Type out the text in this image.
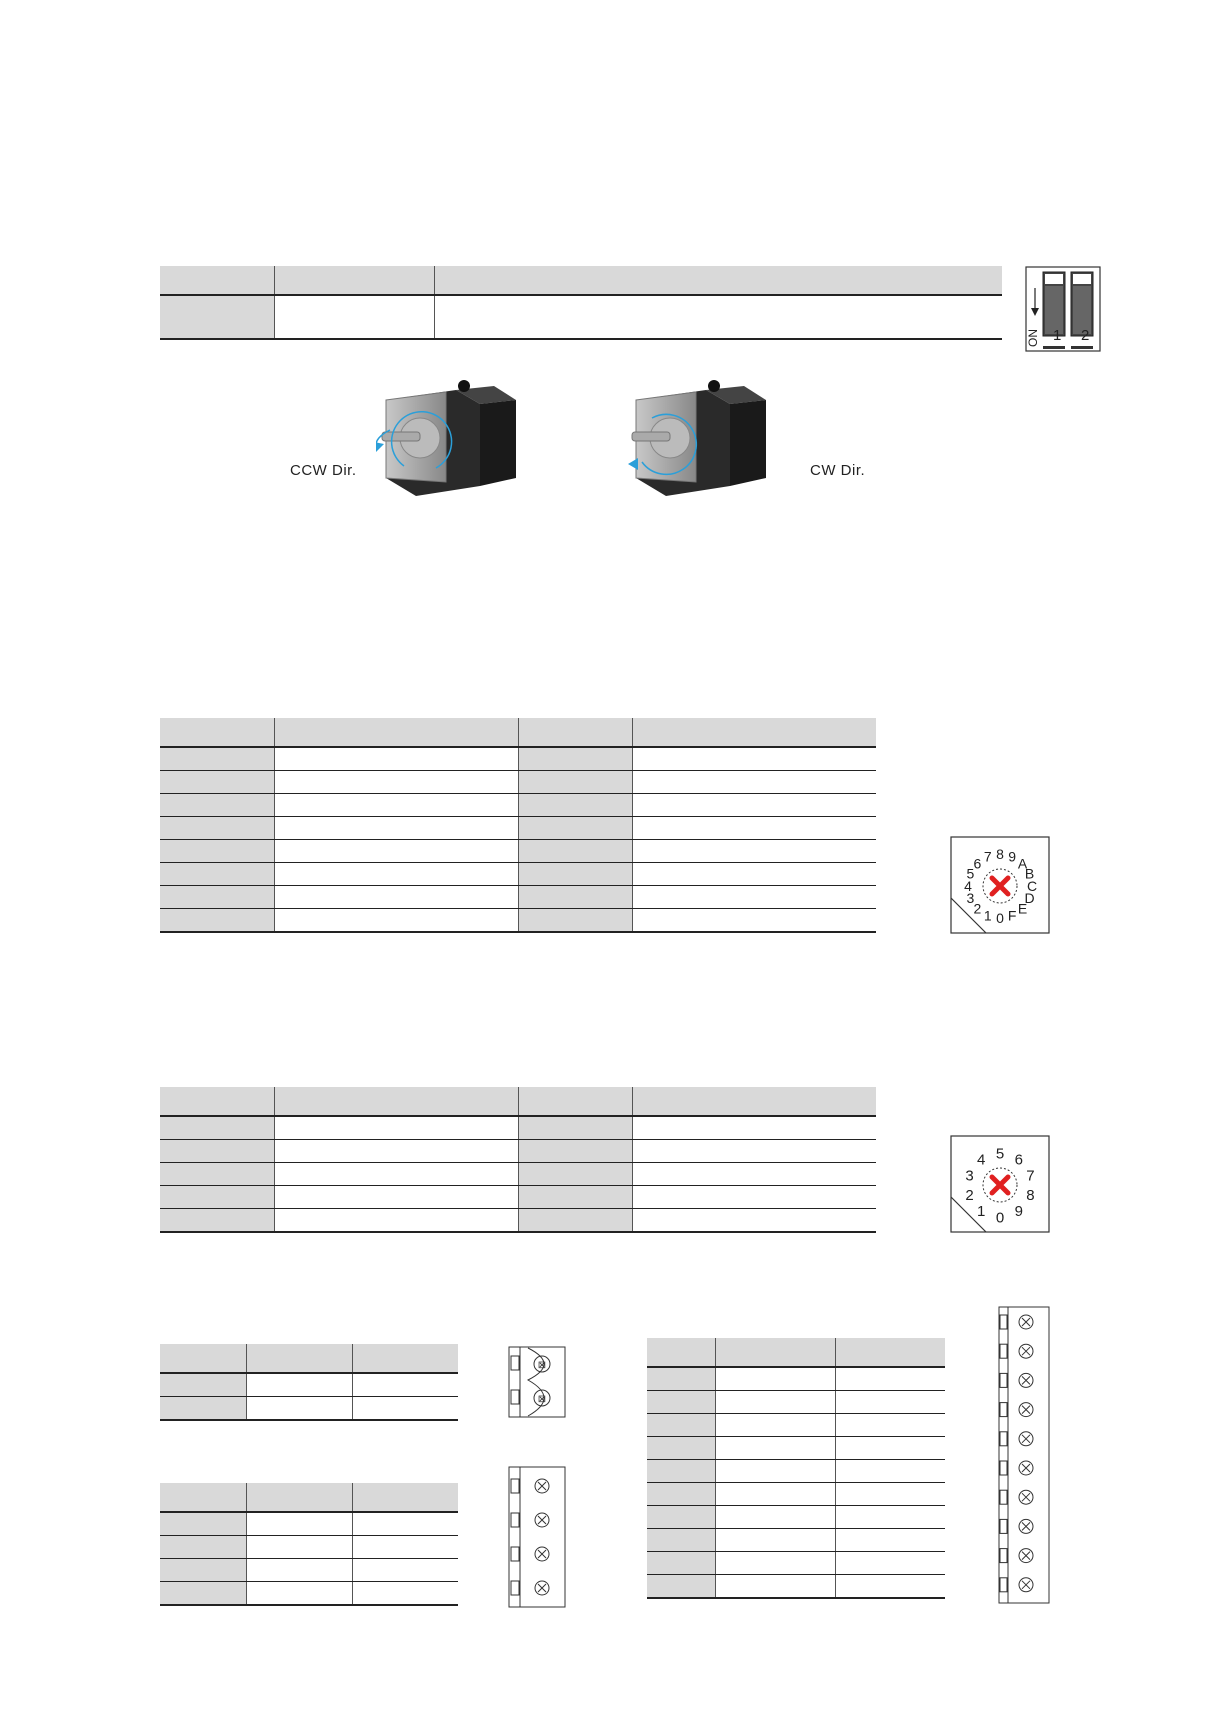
ON 1 2
CCW Dir.	CW Dir.

0
1
2
3
4
5
6 7 8 9 A
B
C
D
E
F

0
1
2
3
4 5 6
7
8
9

⊠
⊠
